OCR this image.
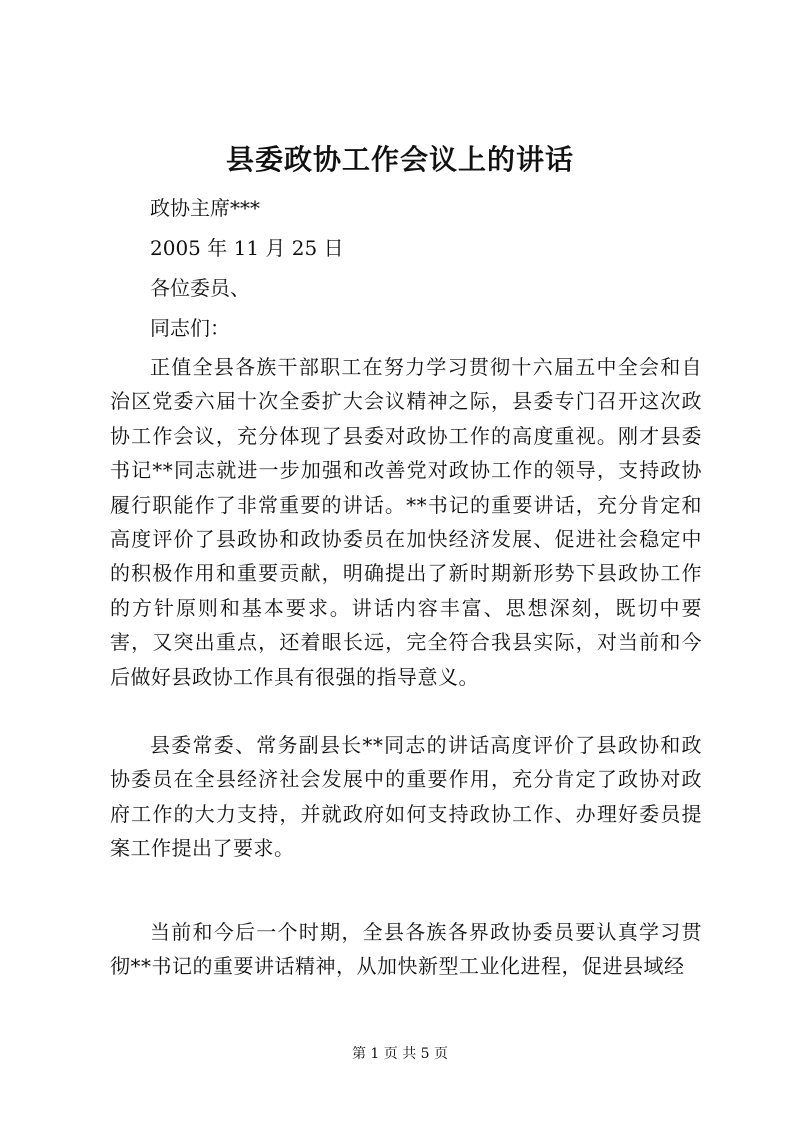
县委政协工作会议上的讲话

政协主席***

2005 年 11 月 25 日

各位委员、

同志们：

正值全县各族干部职工在努力学习贯彻十六届五中全会和自治区党委六届十次全委扩大会议精神之际，县委专门召开这次政协工作会议，充分体现了县委对政协工作的高度重视。刚才县委书记**同志就进一步加强和改善党对政协工作的领导，支持政协履行职能作了非常重要的讲话。**书记的重要讲话，充分肯定和高度评价了县政协和政协委员在加快经济发展、促进社会稳定中的积极作用和重要贡献，明确提出了新时期新形势下县政协工作的方针原则和基本要求。讲话内容丰富、思想深刻，既切中要害，又突出重点，还着眼长远，完全符合我县实际，对当前和今后做好县政协工作具有很强的指导意义。

县委常委、常务副县长**同志的讲话高度评价了县政协和政协委员在全县经济社会发展中的重要作用，充分肯定了政协对政府工作的大力支持，并就政府如何支持政协工作、办理好委员提案工作提出了要求。

当前和今后一个时期，全县各族各界政协委员要认真学习贯彻**书记的重要讲话精神，从加快新型工业化进程，促进县域经

第 1 页 共 5 页
